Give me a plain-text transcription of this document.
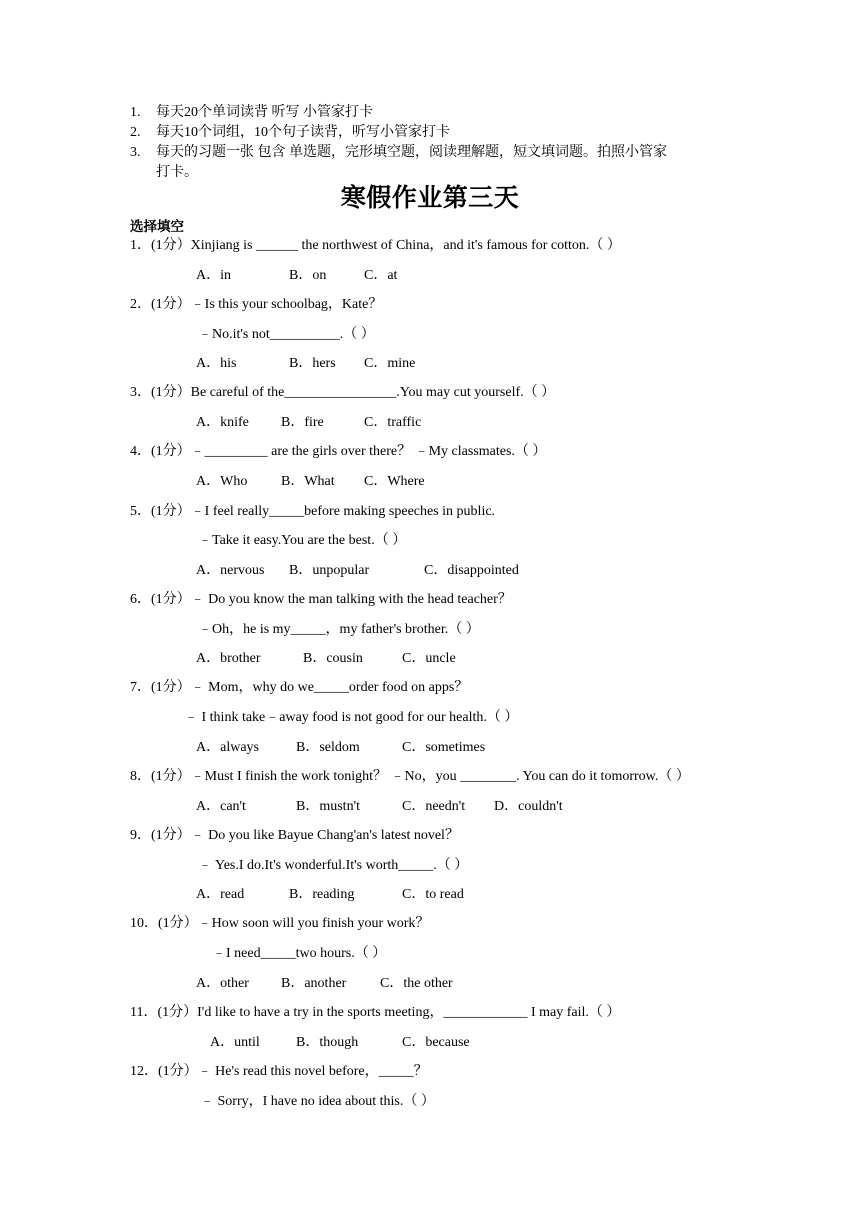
1. 每天20个单词读背 听写 小管家打卡
2. 每天10个词组，10个句子读背，听写小管家打卡
3. 每天的习题一张 包含 单选题，完形填空题，阅读理解题，短文填词题。拍照小管家
打卡。
寒假作业第三天
选择填空
1．(1分）Xinjiang is ______ the northwest of China，and it's famous for cotton.（ ）
A．in	B．on	C．at
2．(1分）﹣Is this your schoolbag，Kate？
﹣No.it's not__________.（ ）
A．his	B．hers C．mine
3．(1分）Be careful of the________________.You may cut yourself.（ ）
A．knife B．fire	C．traffic
4．(1分）﹣_________ are the girls over there？ ﹣My classmates.（ ）
A．Who B．What C．Where
5．(1分）﹣I feel really_____before making speeches in public.
﹣Take it easy.You are the best.（ ）
A．nervous B．unpopular	C．disappointed
6．(1分）﹣ Do you know the man talking with the head teacher？
﹣Oh，he is my_____，my father's brother.（ ）
A．brother	B．cousin	C．uncle
7．(1分）﹣ Mom，why do we_____order food on apps？
﹣ I think take﹣away food is not good for our health.（ ）
A．always	B．seldom	C．sometimes
8．(1分）﹣Must I finish the work tonight？ ﹣No，you ________. You can do it tomorrow.（ ）
A．can't	B．mustn't	C．needn't D．couldn't
9．(1分）﹣ Do you like Bayue Chang'an's latest novel？
﹣ Yes.I do.It's wonderful.It's worth_____.（ ）
A．read	B．reading	C．to read
10．(1分）﹣How soon will you finish your work？
﹣I need_____two hours.（ ）
A．other B．another C．the other
11．(1分）I'd like to have a try in the sports meeting，____________ I may fail.（ ）
A．until	B．though	C．because
12．(1分）﹣ He's read this novel before，_____？
﹣ Sorry，I have no idea about this.（ ）
